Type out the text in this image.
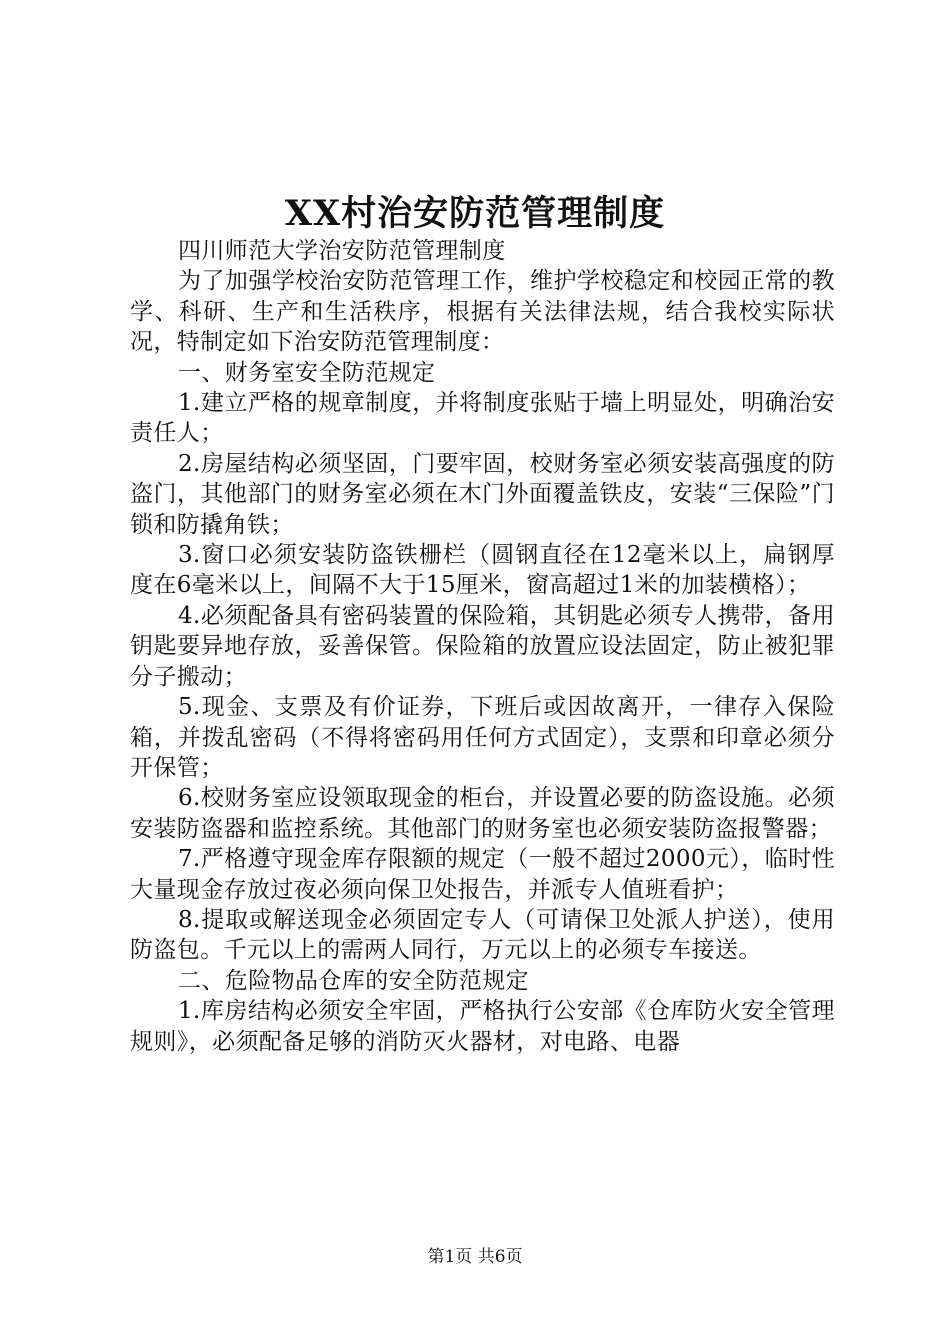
XX村治安防范管理制度

四川师范大学治安防范管理制度

为了加强学校治安防范管理工作，维护学校稳定和校园正常的教学、科研、生产和生活秩序，根据有关法律法规，结合我校实际状况，特制定如下治安防范管理制度：

一、财务室安全防范规定

1.建立严格的规章制度，并将制度张贴于墙上明显处，明确治安责任人；

2.房屋结构必须坚固，门要牢固，校财务室必须安装高强度的防盗门，其他部门的财务室必须在木门外面覆盖铁皮，安装“三保险”门锁和防撬角铁；

3.窗口必须安装防盗铁栅栏（圆钢直径在12毫米以上，扁钢厚度在6毫米以上，间隔不大于15厘米，窗高超过1米的加装横格）；

4.必须配备具有密码装置的保险箱，其钥匙必须专人携带，备用钥匙要异地存放，妥善保管。保险箱的放置应设法固定，防止被犯罪分子搬动；

5.现金、支票及有价证券，下班后或因故离开，一律存入保险箱，并拨乱密码（不得将密码用任何方式固定），支票和印章必须分开保管；

6.校财务室应设领取现金的柜台，并设置必要的防盗设施。必须安装防盗器和监控系统。其他部门的财务室也必须安装防盗报警器；

7.严格遵守现金库存限额的规定（一般不超过2000元），临时性大量现金存放过夜必须向保卫处报告，并派专人值班看护；

8.提取或解送现金必须固定专人（可请保卫处派人护送），使用防盗包。千元以上的需两人同行，万元以上的必须专车接送。

二、危险物品仓库的安全防范规定

1.库房结构必须安全牢固，严格执行公安部《仓库防火安全管理规则》，必须配备足够的消防灭火器材，对电路、电器

第1页 共6页
